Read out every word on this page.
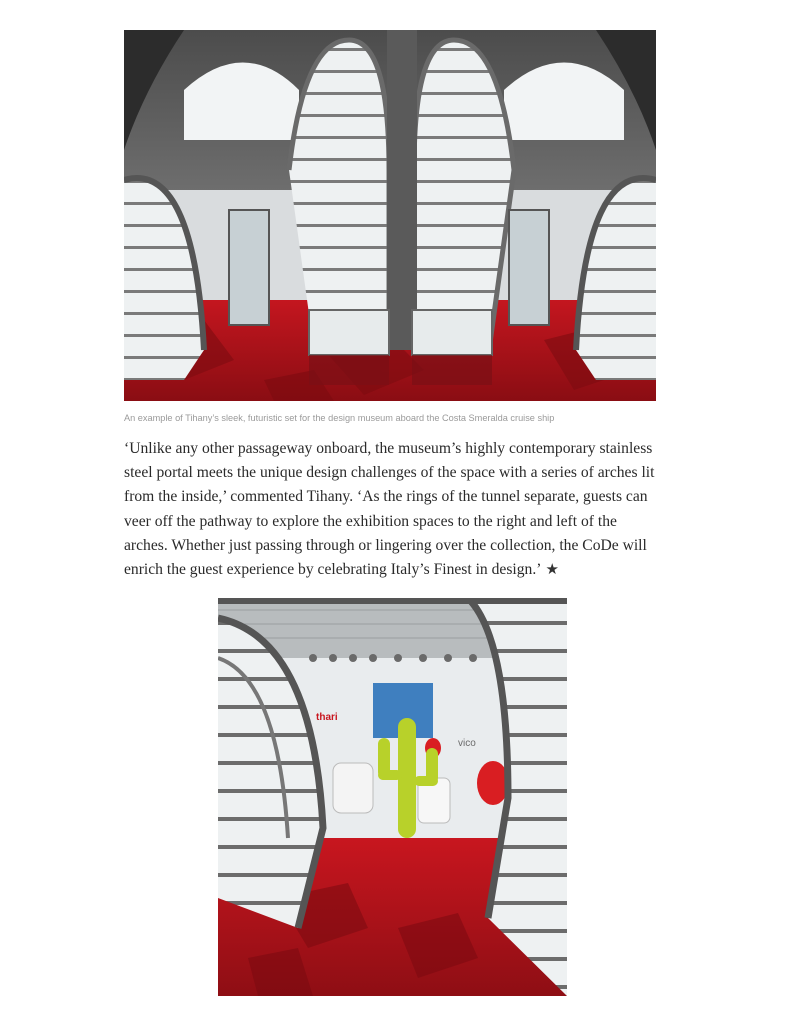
An example of Tihany’s sleek, futuristic set for the design museum aboard the Costa Smeralda cruise ship

‘Unlike any other passageway onboard, the museum’s highly contemporary stainless
steel portal meets the unique design challenges of the space with a series of arches lit
from the inside,’ commented Tihany. ‘As the rings of the tunnel separate, guests can
veer off the pathway to explore the exhibition spaces to the right and left of the
arches. Whether just passing through or lingering over the collection, the CoDe will
enrich the guest experience by celebrating Italy’s Finest in design.’ ★

vico
thari
